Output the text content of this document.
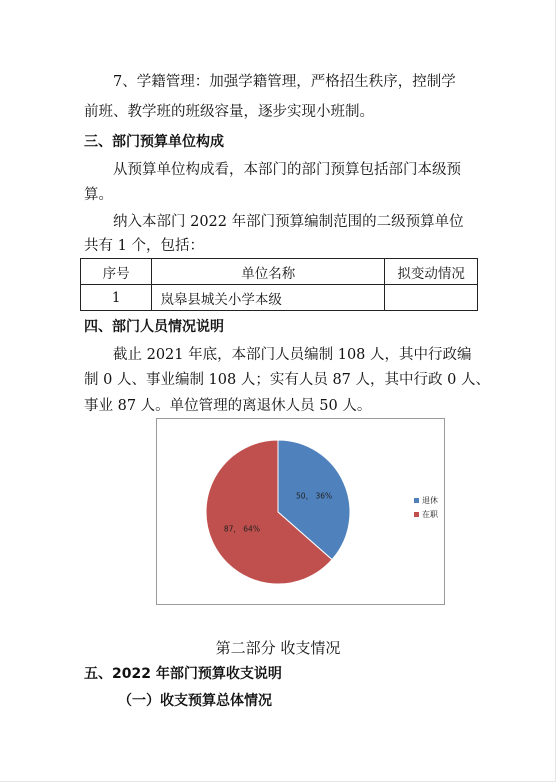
7、学籍管理：加强学籍管理，严格招生秩序，控制学
前班、教学班的班级容量，逐步实现小班制。
三、部门预算单位构成
从预算单位构成看，本部门的部门预算包括部门本级预
算。
纳入本部门 2022 年部门预算编制范围的二级预算单位
共有 1 个，包括：
序号	单位名称	拟变动情况
1	岚皋县城关小学本级	
四、部门人员情况说明
截止 2021 年底，本部门人员编制 108 人，其中行政编
制 0 人、事业编制 108 人；实有人员 87 人，其中行政 0 人、
事业 87 人。单位管理的离退休人员 50 人。
50， 36%
87， 64%
退休
在职
第二部分 收支情况
五、2022 年部门预算收支说明
（一）收支预算总体情况
